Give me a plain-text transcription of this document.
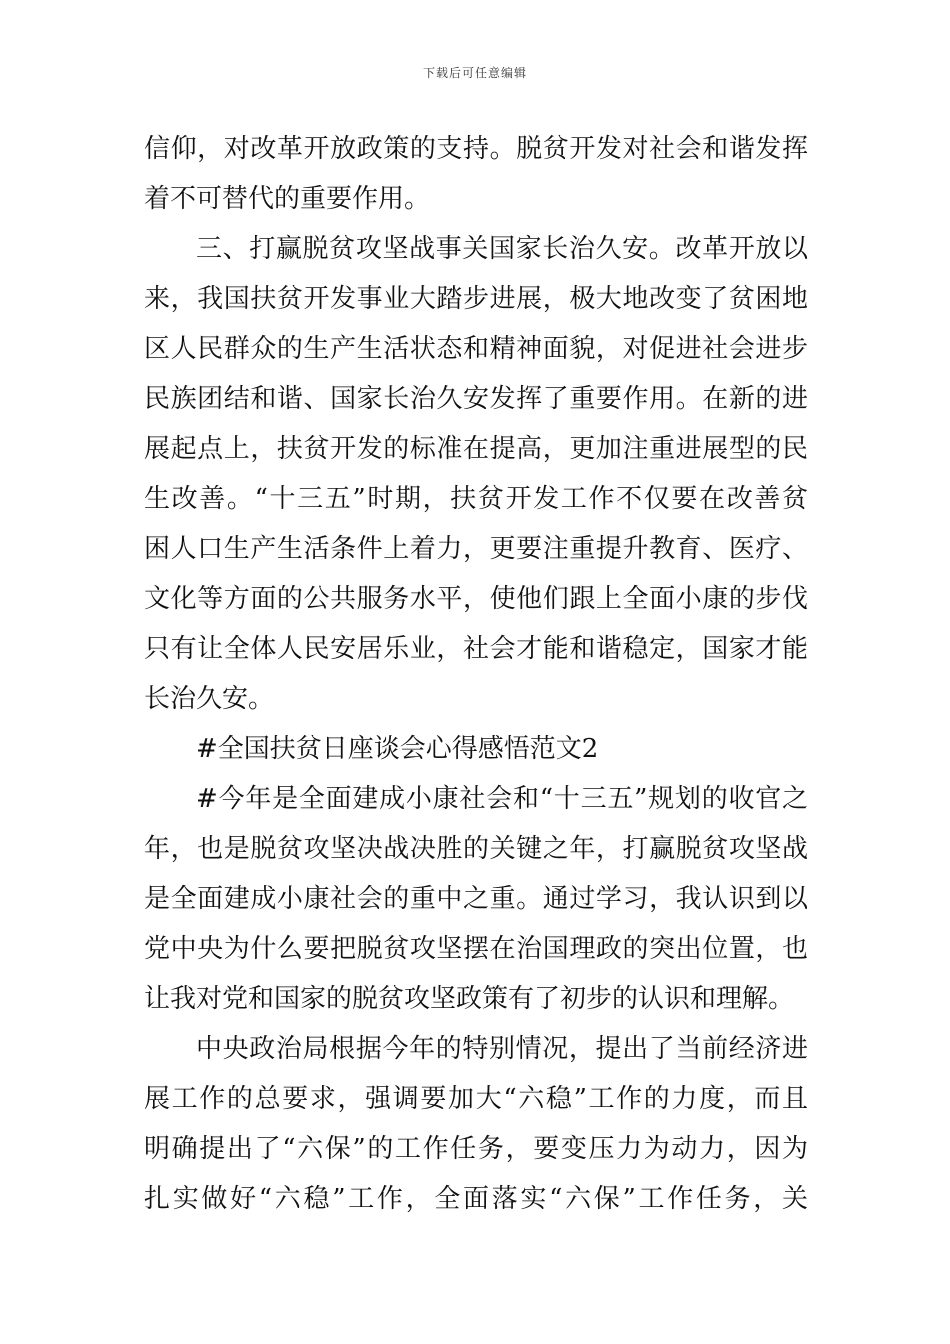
下载后可任意编辑
信仰，对改革开放政策的支持。脱贫开发对社会和谐发挥
着不可替代的重要作用。
三、打赢脱贫攻坚战事关国家长治久安。改革开放以
来，我国扶贫开发事业大踏步进展，极大地改变了贫困地
区人民群众的生产生活状态和精神面貌，对促进社会进步
民族团结和谐、国家长治久安发挥了重要作用。在新的进
展起点上，扶贫开发的标准在提高，更加注重进展型的民
生改善。“十三五”时期，扶贫开发工作不仅要在改善贫
困人口生产生活条件上着力，更要注重提升教育、医疗、
文化等方面的公共服务水平，使他们跟上全面小康的步伐
只有让全体人民安居乐业，社会才能和谐稳定，国家才能
长治久安。
#全国扶贫日座谈会心得感悟范文2
#今年是全面建成小康社会和“十三五”规划的收官之
年，也是脱贫攻坚决战决胜的关键之年，打赢脱贫攻坚战
是全面建成小康社会的重中之重。通过学习，我认识到以
党中央为什么要把脱贫攻坚摆在治国理政的突出位置，也
让我对党和国家的脱贫攻坚政策有了初步的认识和理解。
中央政治局根据今年的特别情况，提出了当前经济进
展工作的总要求，强调要加大“六稳”工作的力度，而且
明确提出了“六保”的工作任务，要变压力为动力，因为
扎实做好“六稳”工作，全面落实“六保”工作任务，关
